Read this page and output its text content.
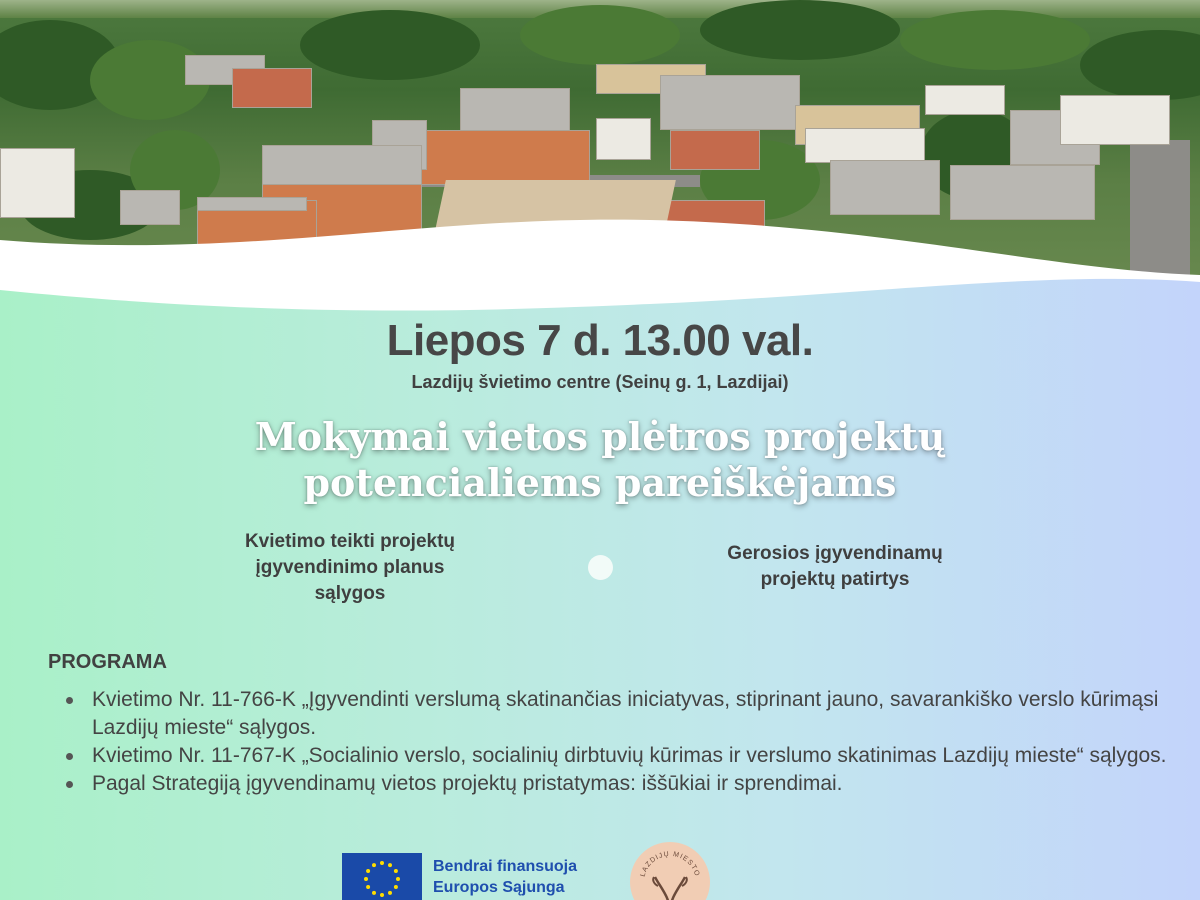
Liepos 7 d. 13.00 val.
Lazdijų švietimo centre (Seinų g. 1, Lazdijai)
Mokymai vietos plėtros projektų
potencialiems pareiškėjams
Kvietimo teikti projektų
įgyvendinimo planus
sąlygos
Gerosios įgyvendinamų
projektų patirtys
PROGRAMA
Kvietimo Nr. 11-766-K „Įgyvendinti verslumą skatinančias iniciatyvas, stiprinant jauno, savarankiško verslo kūrimąsi Lazdijų mieste“ sąlygos.
Kvietimo Nr. 11-767-K „Socialinio verslo, socialinių dirbtuvių kūrimas ir verslumo skatinimas Lazdijų mieste“ sąlygos.
Pagal Strategiją įgyvendinamų vietos projektų pristatymas: iššūkiai ir sprendimai.
Bendrai finansuoja
Europos Sąjunga
LAZDIJŲ MIESTO
